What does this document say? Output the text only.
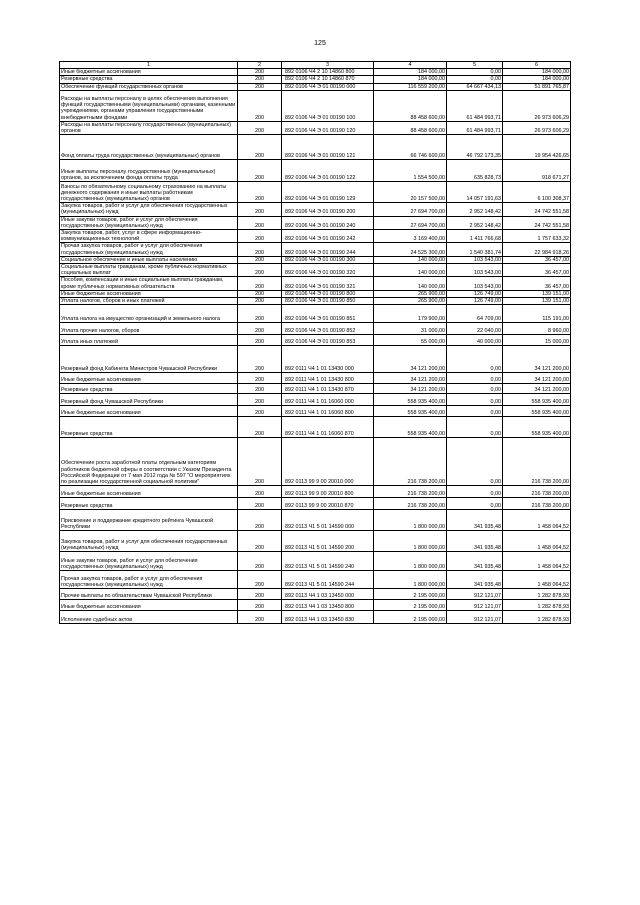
125
1	2	3	4	5	6
Иные бюджетные ассигнования	200	892 0106 Ч4 2 10 14860 800	184 000,00	0,00	184 000,00
Резервные средства	200	892 0106 Ч4 2 10 14860 870	184 000,00	0,00	184 000,00
Обеспечение функций государственных органов	200	892 0106 Ч4 Э 01 00190 000	116 559 200,00	64 667 434,13	51 891 765,87
Расходы на выплаты персоналу в целях обеспечения выполнения функций государственными (муниципальными) органами, казенными учреждениями, органами управления государственными внебюджетными фондами	200	892 0106 Ч4 Э 01 00190 100	88 458 600,00	61 484 993,71	26 973 606,29
Расходы на выплаты персоналу государственных (муниципальных) органов	200	892 0106 Ч4 Э 01 00190 120	88 458 600,00	61 484 993,71	26 973 606,29
Фонд оплаты труда государственных (муниципальных) органов	200	892 0106 Ч4 Э 01 00190 121	66 746 600,00	46 792 173,35	19 954 426,65
Иные выплаты персоналу государственных (муниципальных) органов, за исключением фонда оплаты труда	200	892 0106 Ч4 Э 01 00190 122	1 554 500,00	635 828,73	918 671,27
Взносы по обязательному социальному страхованию на выплаты денежного содержания и иные выплаты работникам государственных (муниципальных) органов	200	892 0106 Ч4 Э 01 00190 129	20 157 500,00	14 057 191,63	6 100 308,37
Закупка товаров, работ и услуг для обеспечения государственных (муниципальных) нужд	200	892 0106 Ч4 Э 01 00190 200	27 694 700,00	2 952 148,42	24 742 551,58
Иные закупки товаров, работ и услуг для обеспечения государственных (муниципальных) нужд	200	892 0106 Ч4 Э 01 00190 240	27 694 700,00	2 952 148,42	24 742 551,58
Закупка товаров, работ, услуг в сфере информационно-коммуникационных технологий	200	892 0106 Ч4 Э 01 00190 242	3 169 400,00	1 411 766,68	1 757 633,32
Прочая закупка товаров, работ и услуг для обеспечения государственных (муниципальных) нужд	200	892 0106 Ч4 Э 01 00190 244	24 525 300,00	1 540 381,74	22 984 918,26
Социальное обеспечение и иные выплаты населению	200	892 0106 Ч4 Э 01 00190 300	140 000,00	103 543,00	36 457,00
Социальные выплаты гражданам, кроме публичных нормативных социальных выплат	200	892 0106 Ч4 Э 01 00190 320	140 000,00	103 543,00	36 457,00
Пособия, компенсации и иные социальные выплаты гражданам, кроме публичных нормативных обязательств	200	892 0106 Ч4 Э 01 00190 321	140 000,00	103 543,00	36 457,00
Иные бюджетные ассигнования	200	892 0106 Ч4 Э 01 00190 800	265 900,00	126 749,00	139 151,00
Уплата налогов, сборов и иных платежей	200	892 0106 Ч4 Э 01 00190 850	265 900,00	126 749,00	139 151,00
Уплата налога на имущество организаций и земельного налога	200	892 0106 Ч4 Э 01 00190 851	179 900,00	64 709,00	115 191,00
Уплата прочих налогов, сборов	200	892 0106 Ч4 Э 01 00190 852	31 000,00	22 040,00	8 960,00
Уплата иных платежей	200	892 0106 Ч4 Э 01 00190 853	55 000,00	40 000,00	15 000,00
Резервный фонд Кабинета Министров Чувашской Республики	200	892 0111 Ч4 1 01 13430 000	34 121 200,00	0,00	34 121 200,00
Иные бюджетные ассигнования	200	892 0111 Ч4 1 01 13430 800	34 121 200,00	0,00	34 121 200,00
Резервные средства	200	892 0111 Ч4 1 01 13430 870	34 121 200,00	0,00	34 121 200,00
Резервный фонд Чувашской Республики	200	892 0111 Ч4 1 01 16060 000	558 935 400,00	0,00	558 935 400,00
Иные бюджетные ассигнования	200	892 0111 Ч4 1 01 16060 800	558 935 400,00	0,00	558 935 400,00
Резервные средства	200	892 0111 Ч4 1 01 16060 870	558 935 400,00	0,00	558 935 400,00
Обеспечение роста заработной платы отдельным категориям работников бюджетной сферы в соответствии с Указом Президента Российской Федерации от 7 мая 2012 года № 597 "О мероприятиях по реализации государственной социальной политики"	200	892 0113 99 9 00 20010 000	216 738 200,00	0,00	216 738 200,00
Иные бюджетные ассигнования	200	892 0113 99 9 00 20010 800	216 738 200,00	0,00	216 738 200,00
Резервные средства	200	892 0113 99 9 00 20010 870	216 738 200,00	0,00	216 738 200,00
Присвоение и поддержание кредитного рейтинга Чувашской Республики	200	892 0113 Ч1 5 01 14590 000	1 800 000,00	341 935,48	1 458 064,52
Закупка товаров, работ и услуг для обеспечения государственных (муниципальных) нужд	200	892 0113 Ч1 5 01 14590 200	1 800 000,00	341 935,48	1 458 064,52
Иные закупки товаров, работ и услуг для обеспечения государственных (муниципальных) нужд	200	892 0113 Ч1 5 01 14590 240	1 800 000,00	341 935,48	1 458 064,52
Прочая закупка товаров, работ и услуг для обеспечения государственных (муниципальных) нужд	200	892 0113 Ч1 5 01 14590 244	1 800 000,00	341 935,48	1 458 064,52
Прочие выплаты по обязательствам Чувашской Республики	200	892 0113 Ч4 1 03 13450 000	2 195 000,00	912 121,07	1 282 878,93
Иные бюджетные ассигнования	200	892 0113 Ч4 1 03 13450 800	2 195 000,00	912 121,07	1 282 878,93
Исполнение судебных актов	200	892 0113 Ч4 1 03 13450 830	2 195 000,00	912 121,07	1 282 878,93
